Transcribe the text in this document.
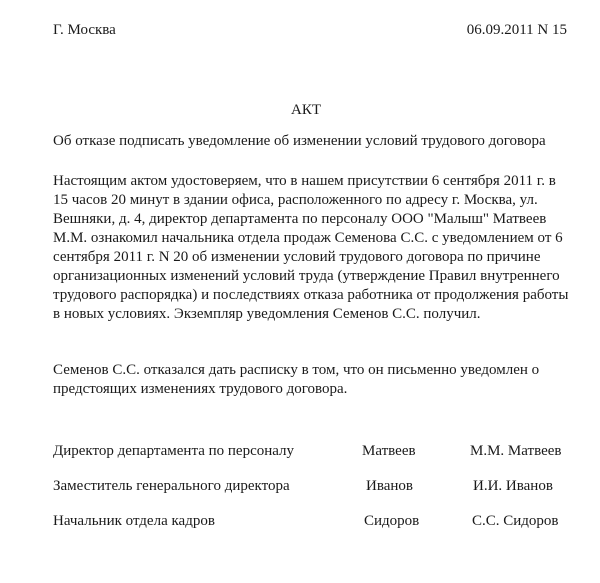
Г. Москва	06.09.2011 N 15
АКТ
Об отказе подписать уведомление об изменении условий трудового договора
Настоящим актом удостоверяем, что в нашем присутствии 6 сентября 2011 г. в
15 часов 20 минут в здании офиса, расположенного по адресу г. Москва, ул.
Вешняки, д. 4, директор департамента по персоналу ООО "Малыш" Матвеев
М.М. ознакомил начальника отдела продаж Семенова С.С. с уведомлением от 6
сентября 2011 г. N 20 об изменении условий трудового договора по причине
организационных изменений условий труда (утверждение Правил внутреннего
трудового распорядка) и последствиях отказа работника от продолжения работы
в новых условиях. Экземпляр уведомления Семенов С.С. получил.
Семенов С.С. отказался дать расписку в том, что он письменно уведомлен о
предстоящих изменениях трудового договора.
Директор департамента по персоналу	Матвеев	М.М. Матвеев
Заместитель генерального директора	Иванов	И.И. Иванов
Начальник отдела кадров	Сидоров	С.С. Сидоров
